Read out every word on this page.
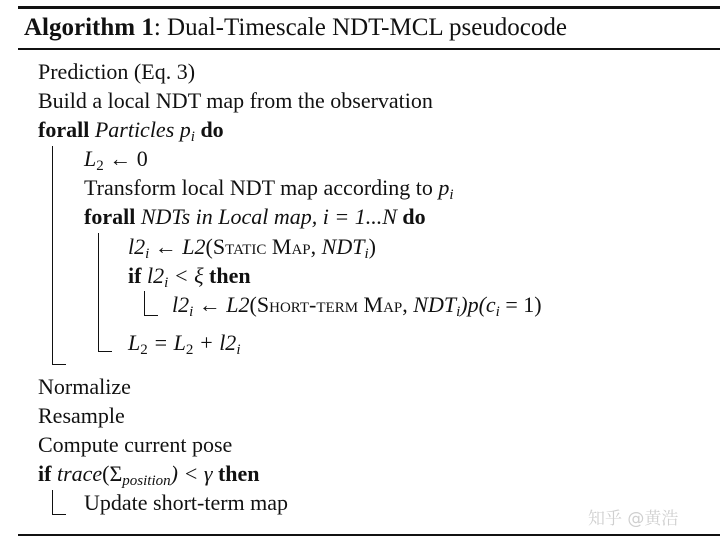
Algorithm 1: Dual-Timescale NDT-MCL pseudocode
Prediction (Eq. 3)
Build a local NDT map from the observation
forall Particles $p_i$ do
$L_2$ ← 0
Transform local NDT map according to $p_i$
forall NDTs in Local map, i = 1...N do
$l2_i$ ← L2(Static Map, $NDT_i$)
if $l2_i < \xi$ then
$l2_i$ ← L2(Short-term Map, $NDT_i)p(c_i = 1)$
$L_2 = L_2 + l2_i$
Normalize
Resample
Compute current pose
if $trace(\Sigma_{position}) < \gamma$ then
Update short-term map
知乎 @黄浩
